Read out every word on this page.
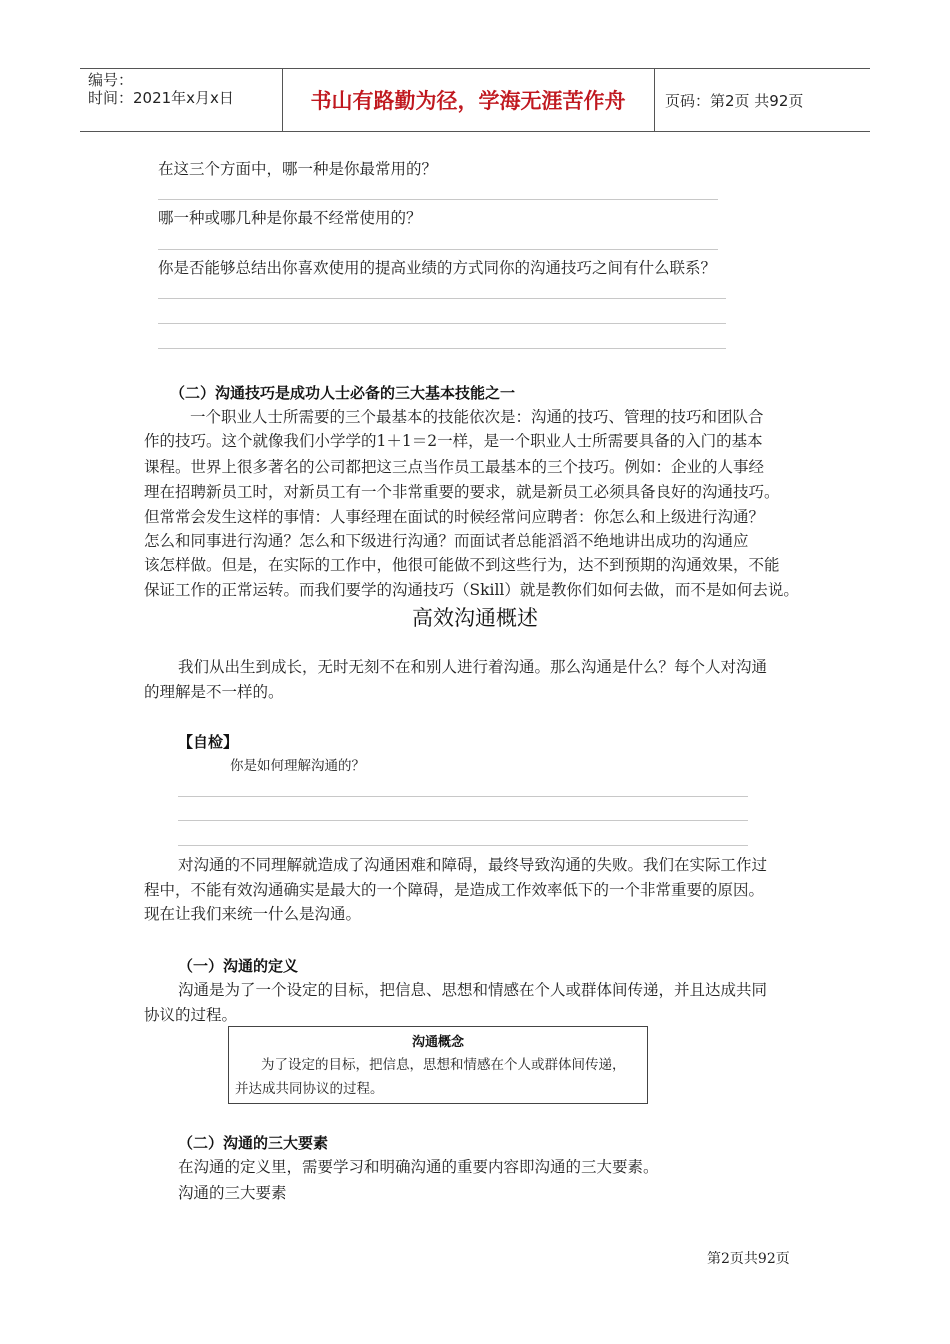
编号：
时间：2021年x月x日	书山有路勤为径，学海无涯苦作舟	页码：第2页 共92页
在这三个方面中，哪一种是你最常用的？
哪一种或哪几种是你最不经常使用的？
你是否能够总结出你喜欢使用的提高业绩的方式同你的沟通技巧之间有什么联系？
（二）沟通技巧是成功人士必备的三大基本技能之一
一个职业人士所需要的三个最基本的技能依次是：沟通的技巧、管理的技巧和团队合
作的技巧。这个就像我们小学学的1＋1＝2一样，是一个职业人士所需要具备的入门的基本
课程。世界上很多著名的公司都把这三点当作员工最基本的三个技巧。例如：企业的人事经
理在招聘新员工时，对新员工有一个非常重要的要求，就是新员工必须具备良好的沟通技巧。
但常常会发生这样的事情：人事经理在面试的时候经常问应聘者：你怎么和上级进行沟通？
怎么和同事进行沟通？怎么和下级进行沟通？而面试者总能滔滔不绝地讲出成功的沟通应
该怎样做。但是，在实际的工作中，他很可能做不到这些行为，达不到预期的沟通效果，不能
保证工作的正常运转。而我们要学的沟通技巧（Skill）就是教你们如何去做，而不是如何去说。
高效沟通概述
我们从出生到成长，无时无刻不在和别人进行着沟通。那么沟通是什么？每个人对沟通
的理解是不一样的。
【自检】
你是如何理解沟通的？
对沟通的不同理解就造成了沟通困难和障碍，最终导致沟通的失败。我们在实际工作过
程中，不能有效沟通确实是最大的一个障碍，是造成工作效率低下的一个非常重要的原因。
现在让我们来统一什么是沟通。
（一）沟通的定义
沟通是为了一个设定的目标，把信息、思想和情感在个人或群体间传递，并且达成共同
协议的过程。
沟通概念
为了设定的目标，把信息，思想和情感在个人或群体间传递，
并达成共同协议的过程。
（二）沟通的三大要素
在沟通的定义里，需要学习和明确沟通的重要内容即沟通的三大要素。
沟通的三大要素
第2页共92页
